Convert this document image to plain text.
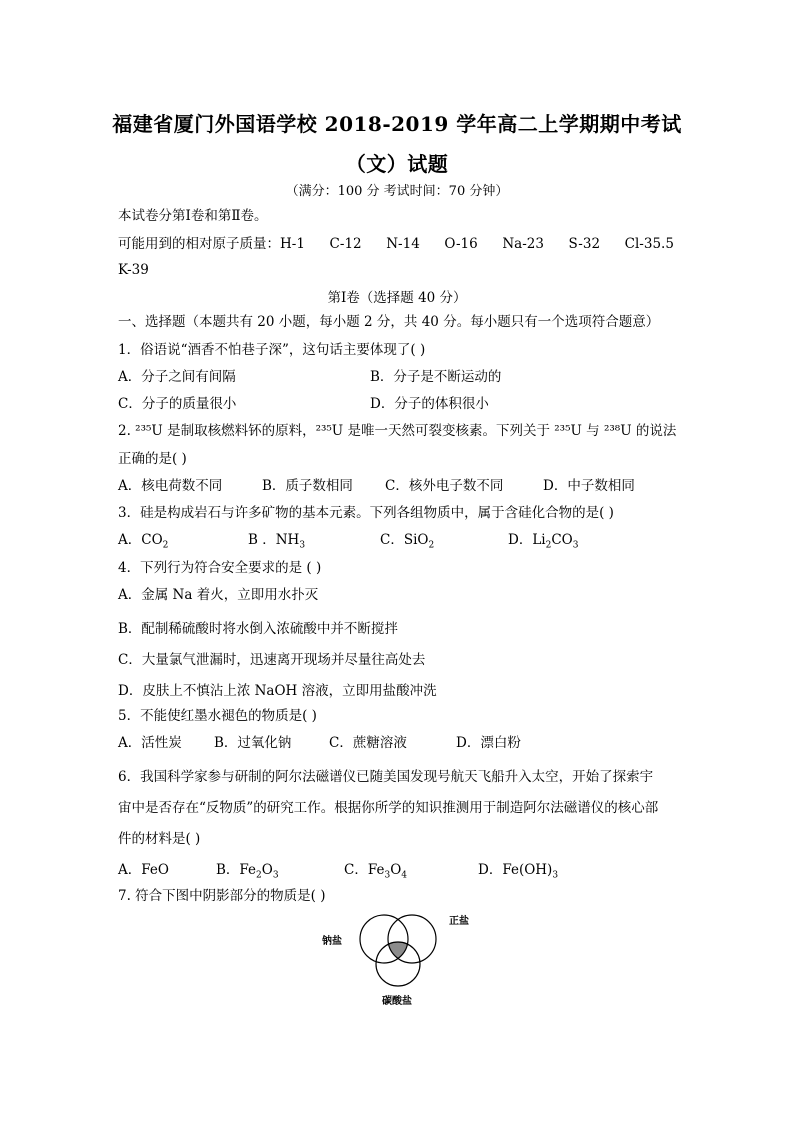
福建省厦门外国语学校 2018-2019 学年高二上学期期中考试
（文）试题
（满分：100 分 考试时间：70 分钟）
本试卷分第Ⅰ卷和第Ⅱ卷。
可能用到的相对原子质量：H-1 C-12 N-14 O-16 Na-23 S-32 Cl-35.5
K-39
第Ⅰ卷（选择题 40 分）
一、选择题（本题共有 20 小题，每小题 2 分，共 40 分。每小题只有一个选项符合题意）
1．俗语说“酒香不怕巷子深”，这句话主要体现了( )
A．分子之间有间隔	B．分子是不断运动的
C．分子的质量很小	D．分子的体积很小
2. ²³⁵U 是制取核燃料钚的原料，²³⁵U 是唯一天然可裂变核素。下列关于 ²³⁵U 与 ²³⁸U 的说法
正确的是( )
A．核电荷数不同	B．质子数相同 C．核外电子数不同	D．中子数相同
3．硅是构成岩石与许多矿物的基本元素。下列各组物质中，属于含硅化合物的是( )
A．$CO_2$	B ．$NH_3$	C．SiO$_2$	D．$Li_2CO_3$
4．下列行为符合安全要求的是 ( )
A．金属 Na 着火，立即用水扑灭
B．配制稀硫酸时将水倒入浓硫酸中并不断搅拌
C．大量氯气泄漏时，迅速离开现场并尽量往高处去
D．皮肤上不慎沾上浓 NaOH 溶液，立即用盐酸冲洗
5．不能使红墨水褪色的物质是( )
A．活性炭 B．过氧化钠	C．蔗糖溶液	D．漂白粉
6．我国科学家参与研制的阿尔法磁谱仪已随美国发现号航天飞船升入太空，开始了探索宇
宙中是否存在“反物质”的研究工作。根据你所学的知识推测用于制造阿尔法磁谱仪的核心部
件的材料是( )
A．FeO	B．$Fe_2O_3$	C．$Fe_3O_4$	D．$Fe(OH)_3$
7. 符合下图中阴影部分的物质是( )
钠盐
正盐
碳酸盐
